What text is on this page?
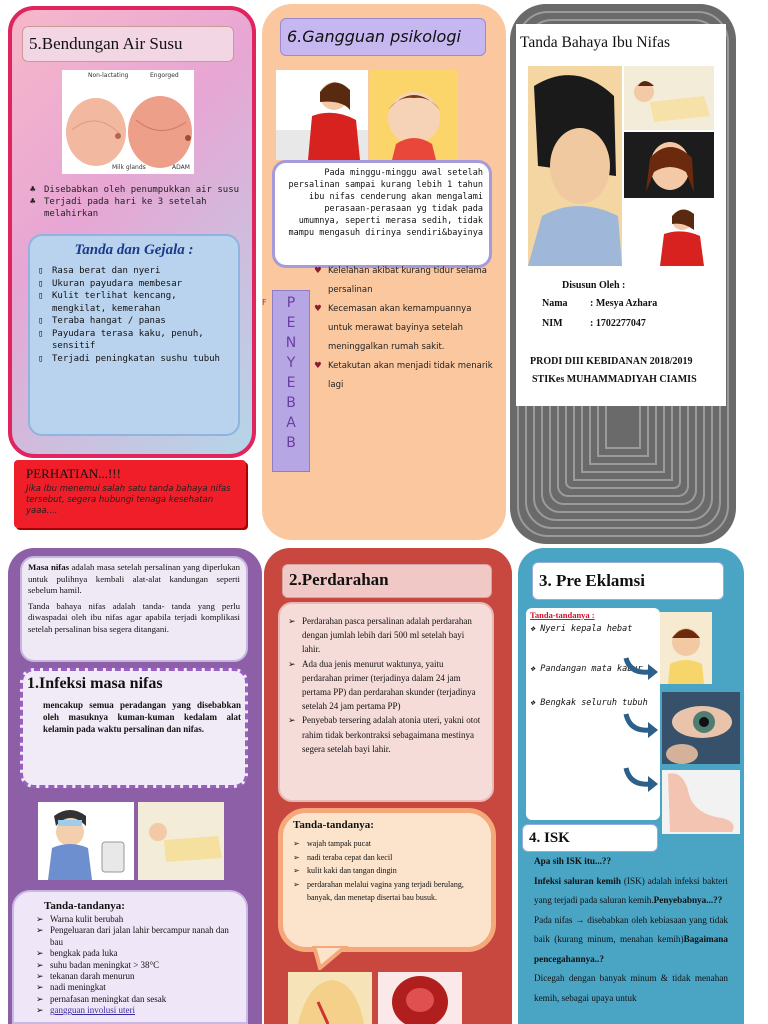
5.Bendungan Air Susu
Non-lactating	Engorged
Milk glands	ADAM
♣ Disebabkan oleh penumpukkan air susu
♣ Terjadi pada hari ke 3 setelah melahirkan
Tanda dan Gejala :
▯ Rasa berat dan nyeri
▯ Ukuran payudara membesar
▯ Kulit terlihat kencang, mengkilat, kemerahan
▯ Teraba hangat / panas
▯ Payudara terasa kaku, penuh, sensitif
▯ Terjadi peningkatan sushu tubuh
PERHATIAN...!!!
Jika Ibu menemui salah satu tanda bahaya nifas tersebut, segera hubungi tenaga kesehatan yaaa....
6.Gangguan psikologi
Pada minggu-minggu awal setelah persalinan sampai kurang lebih 1 tahun ibu nifas cenderung akan mengalami perasaan-perasaan yg tidak pada umumnya, seperti merasa sedih, tidak mampu mengasuh dirinya sendiri&bayinya
F PENYEBAB
♥ Kelelahan akibat kurang tidur selama persalinan
♥ Kecemasan akan kemampuannya untuk merawat bayinya setelah meninggalkan rumah sakit.
♥ Ketakutan akan menjadi tidak menarik lagi
Tanda Bahaya Ibu Nifas
Disusun Oleh :
Nama : Mesya Azhara
NIM	: 1702277047
PRODI DIII KEBIDANAN 2018/2019
STIKes MUHAMMADIYAH CIAMIS
Masa nifas adalah masa setelah persalinan yang diperlukan untuk pulihnya kembali alat-alat kandungan seperti sebelum hamil.
Tanda bahaya nifas adalah tanda- tanda yang perlu diwaspadai oleh ibu nifas agar apabila terjadi komplikasi setelah persalinan bisa segera ditangani.
1.Infeksi masa nifas
mencakup semua peradangan yang disebabkan oleh masuknya kuman-kuman kedalam alat kelamin pada waktu persalinan dan nifas.
Tanda-tandanya:
➢ Warna kulit berubah
➢ Pengeluaran dari jalan lahir bercampur nanah dan bau
➢ bengkak pada luka
➢ suhu badan meningkat > 38°C
➢ tekanan darah menurun
➢ nadi meningkat
➢ pernafasan meningkat dan sesak
➢ gangguan involusi uteri
2.Perdarahan
➢ Perdarahan pasca persalinan adalah perdarahan dengan jumlah lebih dari 500 ml setelah bayi lahir.
➢ Ada dua jenis menurut waktunya, yaitu perdarahan primer (terjadinya dalam 24 jam pertama PP) dan perdarahan skunder (terjadinya setelah 24 jam pertama PP)
➢ Penyebab tersering adalah atonia uteri, yakni otot rahim tidak berkontraksi sebagaimana mestinya segera setelah bayi lahir.
Tanda-tandanya:
➢ wajah tampak pucat
➢ nadi teraba cepat dan kecil
➢ kulit kaki dan tangan dingin
➢ perdarahan melalui vagina yang terjadi berulang, banyak, dan menetap disertai bau busuk.
3. Pre Eklamsi
Tanda-tandanya :
❖ Nyeri kepala hebat
❖ Pandangan mata kabur
❖ Bengkak seluruh tubuh
4. ISK
Apa sih ISK itu...??
Infeksi saluran kemih (ISK) adalah infeksi bakteri yang terjadi pada saluran kemih.Penyebabnya...??
Pada nifas → disebabkan oleh kebiasaan yang tidak baik (kurang minum, menahan kemih)Bagaimana pencegahannya..?
Dicegah dengan banyak minum & tidak menahan kemih, sebagai upaya untuk
